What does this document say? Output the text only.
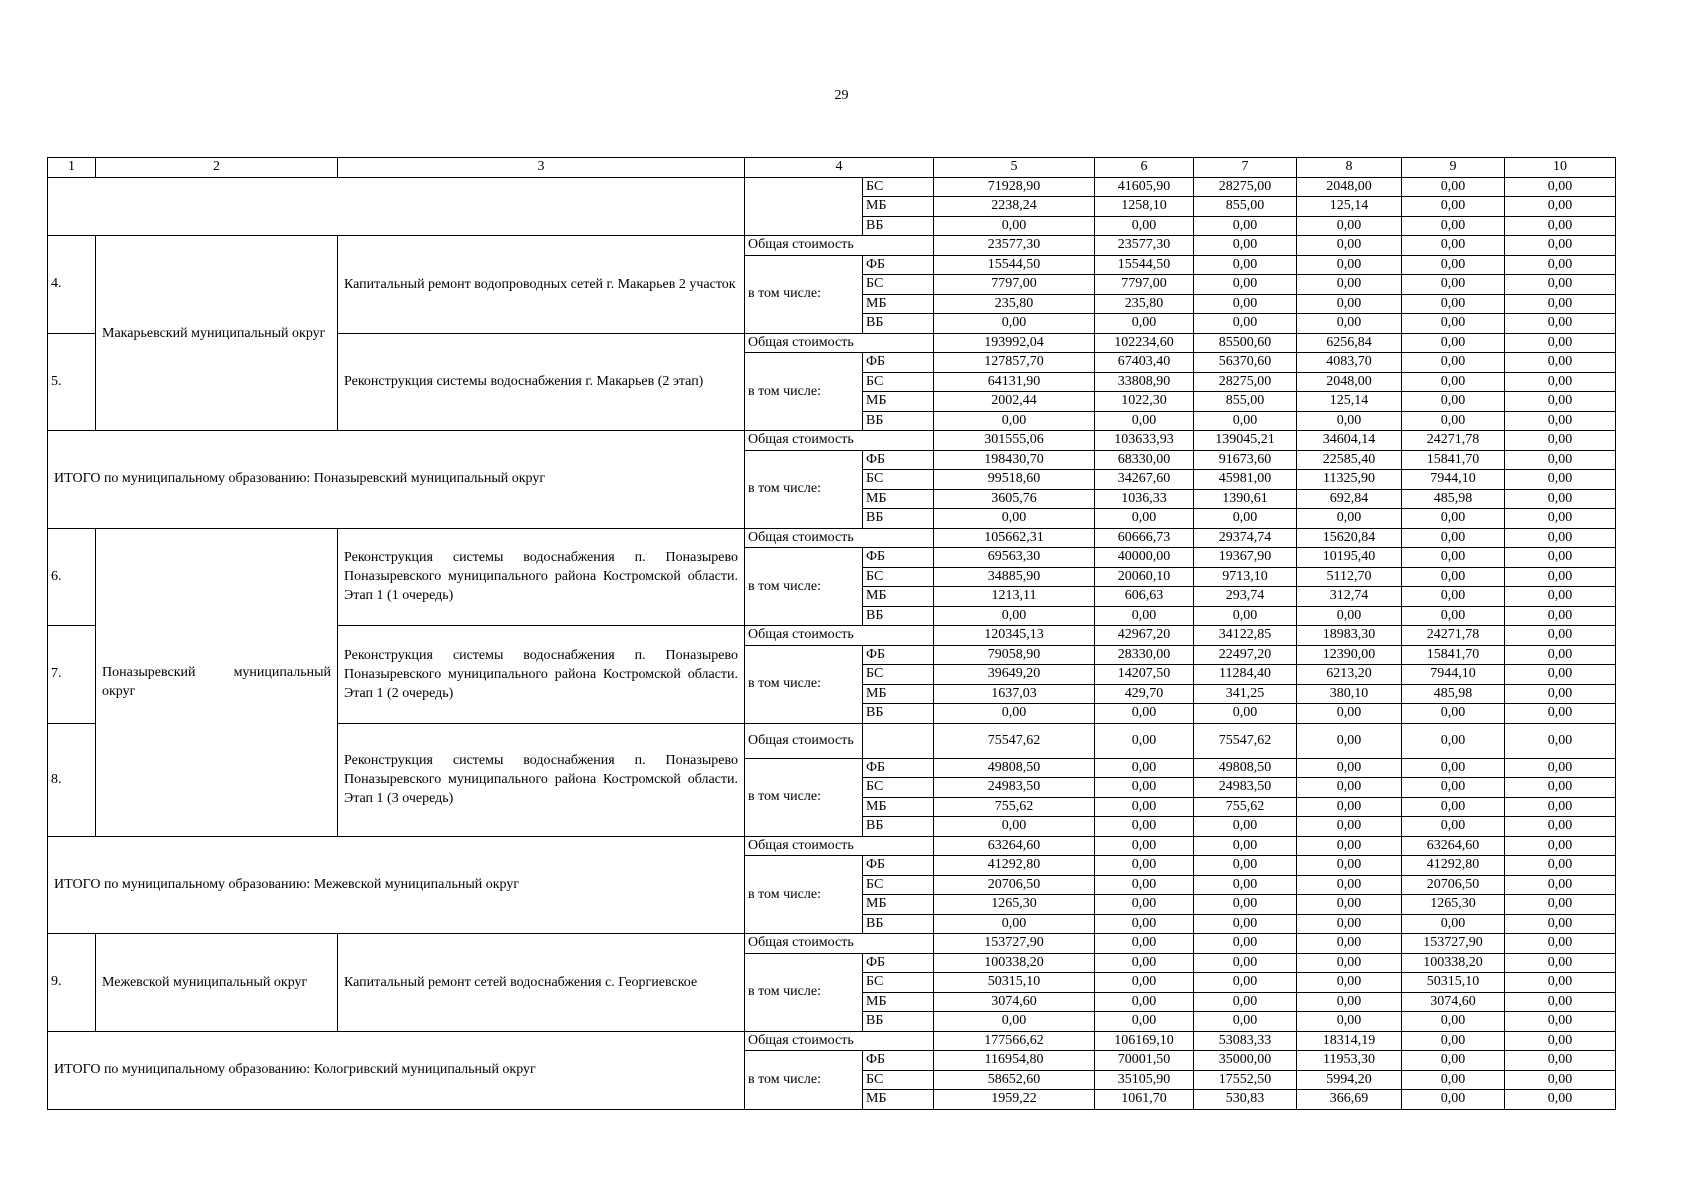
29
1	2	3	4		5	6	7	8	9	10
				БС	71928,90	41605,90	28275,00	2048,00	0,00	0,00
				МБ	2238,24	1258,10	855,00	125,14	0,00	0,00
				ВБ	0,00	0,00	0,00	0,00	0,00	0,00
4.	Макарьевский муниципальный округ	Капитальный ремонт водопроводных сетей г. Макарьев 2 участок	Общая стоимость		23577,30	23577,30	0,00	0,00	0,00	0,00
			в том числе:	ФБ	15544,50	15544,50	0,00	0,00	0,00	0,00
				БС	7797,00	7797,00	0,00	0,00	0,00	0,00
				МБ	235,80	235,80	0,00	0,00	0,00	0,00
				ВБ	0,00	0,00	0,00	0,00	0,00	0,00
5.		Реконструкция системы водоснабжения г. Макарьев (2 этап)	Общая стоимость		193992,04	102234,60	85500,60	6256,84	0,00	0,00
			в том числе:	ФБ	127857,70	67403,40	56370,60	4083,70	0,00	0,00
				БС	64131,90	33808,90	28275,00	2048,00	0,00	0,00
				МБ	2002,44	1022,30	855,00	125,14	0,00	0,00
				ВБ	0,00	0,00	0,00	0,00	0,00	0,00
ИТОГО по муниципальному образованию: Поназыревский муниципальный округ			Общая стоимость		301555,06	103633,93	139045,21	34604,14	24271,78	0,00
			в том числе:	ФБ	198430,70	68330,00	91673,60	22585,40	15841,70	0,00
				БС	99518,60	34267,60	45981,00	11325,90	7944,10	0,00
				МБ	3605,76	1036,33	1390,61	692,84	485,98	0,00
				ВБ	0,00	0,00	0,00	0,00	0,00	0,00
6.	Поназыревский муниципальный округ	Реконструкция системы водоснабжения п. Поназырево Поназыревского муниципального района Костромской области. Этап 1 (1 очередь)	Общая стоимость		105662,31	60666,73	29374,74	15620,84	0,00	0,00
			в том числе:	ФБ	69563,30	40000,00	19367,90	10195,40	0,00	0,00
				БС	34885,90	20060,10	9713,10	5112,70	0,00	0,00
				МБ	1213,11	606,63	293,74	312,74	0,00	0,00
				ВБ	0,00	0,00	0,00	0,00	0,00	0,00
7.		Реконструкция системы водоснабжения п. Поназырево Поназыревского муниципального района Костромской области. Этап 1 (2 очередь)	Общая стоимость		120345,13	42967,20	34122,85	18983,30	24271,78	0,00
			в том числе:	ФБ	79058,90	28330,00	22497,20	12390,00	15841,70	0,00
				БС	39649,20	14207,50	11284,40	6213,20	7944,10	0,00
				МБ	1637,03	429,70	341,25	380,10	485,98	0,00
				ВБ	0,00	0,00	0,00	0,00	0,00	0,00
8.		Реконструкция системы водоснабжения п. Поназырево Поназыревского муниципального района Костромской области. Этап 1 (3 очередь)	Общая стоимость		75547,62	0,00	75547,62	0,00	0,00	0,00
			в том числе:	ФБ	49808,50	0,00	49808,50	0,00	0,00	0,00
				БС	24983,50	0,00	24983,50	0,00	0,00	0,00
				МБ	755,62	0,00	755,62	0,00	0,00	0,00
				ВБ	0,00	0,00	0,00	0,00	0,00	0,00
ИТОГО по муниципальному образованию: Межевской муниципальный округ			Общая стоимость		63264,60	0,00	0,00	0,00	63264,60	0,00
			в том числе:	ФБ	41292,80	0,00	0,00	0,00	41292,80	0,00
				БС	20706,50	0,00	0,00	0,00	20706,50	0,00
				МБ	1265,30	0,00	0,00	0,00	1265,30	0,00
				ВБ	0,00	0,00	0,00	0,00	0,00	0,00
9.	Межевской муниципальный округ	Капитальный ремонт сетей водоснабжения с. Георгиевское	Общая стоимость		153727,90	0,00	0,00	0,00	153727,90	0,00
			в том числе:	ФБ	100338,20	0,00	0,00	0,00	100338,20	0,00
				БС	50315,10	0,00	0,00	0,00	50315,10	0,00
				МБ	3074,60	0,00	0,00	0,00	3074,60	0,00
				ВБ	0,00	0,00	0,00	0,00	0,00	0,00
ИТОГО по муниципальному образованию: Кологривский муниципальный округ			Общая стоимость		177566,62	106169,10	53083,33	18314,19	0,00	0,00
			в том числе:	ФБ	116954,80	70001,50	35000,00	11953,30	0,00	0,00
				БС	58652,60	35105,90	17552,50	5994,20	0,00	0,00
				МБ	1959,22	1061,70	530,83	366,69	0,00	0,00
